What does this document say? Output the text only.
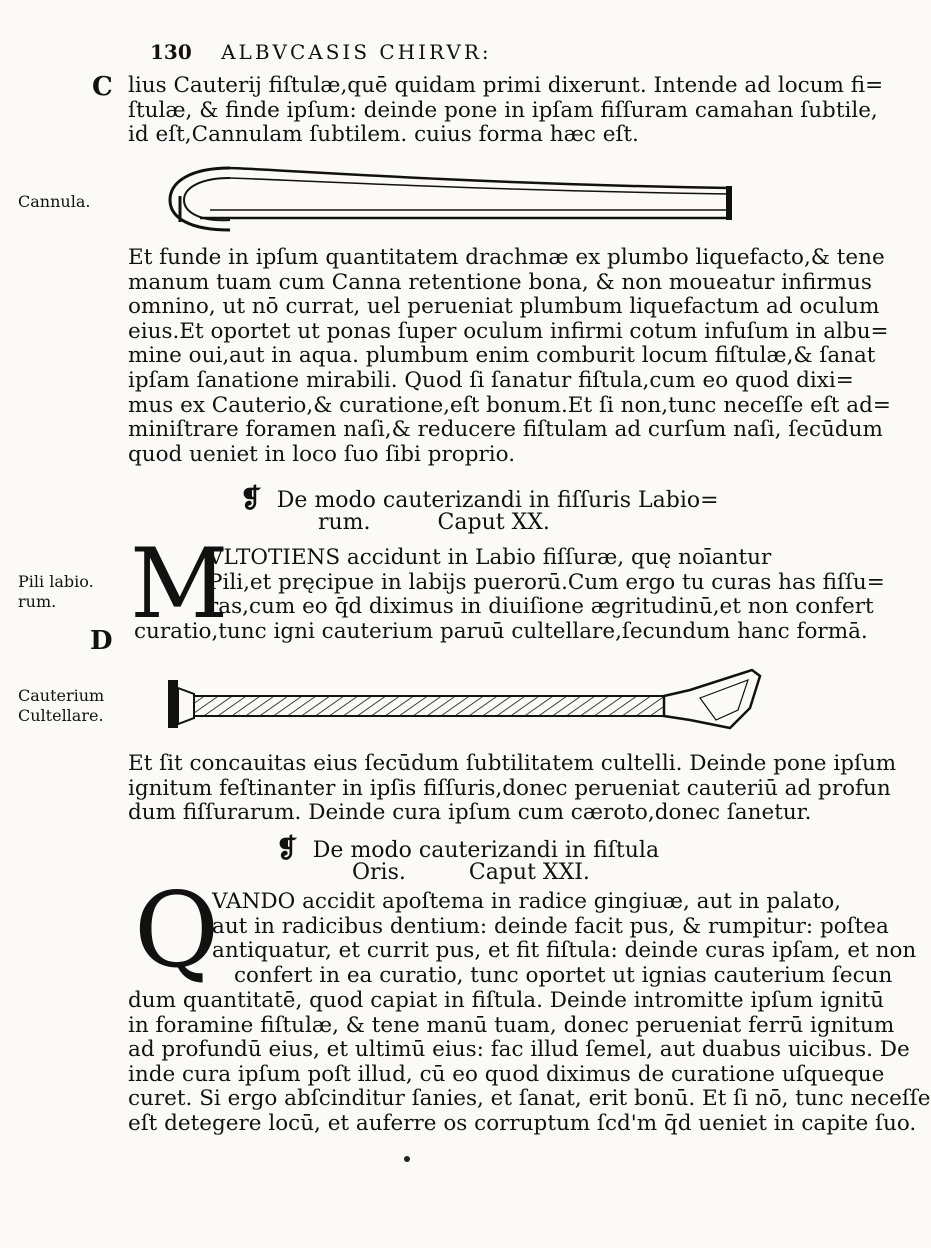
130 ALBVCASIS CHIRVR:
C lius Cauterij fiſtulæ,quē quidam primi dixerunt. Intende ad locum fi=
ſtulæ, & finde ipſum: deinde pone in ipſam fiſſuram camahan ſubtile,
id eſt,Cannulam ſubtilem. cuius forma hæc eſt.
Cannula.
Et funde in ipſum quantitatem drachmæ ex plumbo liquefacto,& tene
manum tuam cum Canna retentione bona, & non moueatur infirmus
omnino, ut nō currat, uel perueniat plumbum liquefactum ad oculum
eius.Et oportet ut ponas ſuper oculum infirmi cotum infuſum in albu=
mine oui,aut in aqua. plumbum enim comburit locum fiſtulæ,& ſanat
ipſam ſanatione mirabili. Quod ſi ſanatur fiſtula,cum eo quod dixi=
mus ex Cauterio,& curatione,eſt bonum.Et ſi non,tunc neceſſe eſt ad=
miniſtrare foramen naſi,& reducere fiſtulam ad curſum naſi, ſecūdum
quod ueniet in loco ſuo ſibi proprio.
❡ De modo cauterizandi in fiſſuris Labio=
rum.	Caput XX.
Pili labio.
rum. M
VLTOTIENS accidunt in Labio fiſſuræ, quę noīantur
Pili,et pręcipue in labijs puerorū.Cum ergo tu curas has fiſſu=
ras,cum eo q̄d diximus in diuiſione ægritudinū,et non confert
curatio,tunc igni cauterium paruū cultellare,ſecundum hanc formā.
D
Cauterium
Cultellare.
Et ſit concauitas eius ſecūdum ſubtilitatem cultelli. Deinde pone ipſum
ignitum feſtinanter in ipſis fiſſuris,donec perueniat cauteriū ad profun
dum fiſſurarum. Deinde cura ipſum cum cæroto,donec ſanetur.
❡ De modo cauterizandi in fiſtula
Oris.	Caput XXI.
Q
VANDO accidit apoſtema in radice gingiuæ, aut in palato,
aut in radicibus dentium: deinde facit pus, & rumpitur: poſtea
antiquatur, et currit pus, et fit fiſtula: deinde curas ipſam, et non
confert in ea curatio, tunc oportet ut ignias cauterium ſecun
dum quantitatē, quod capiat in fiſtula. Deinde intromitte ipſum ignitū
in foramine fiſtulæ, & tene manū tuam, donec perueniat ferrū ignitum
ad profundū eius, et ultimū eius: fac illud ſemel, aut duabus uicibus. De
inde cura ipſum poſt illud, cū eo quod diximus de curatione uſqueque
curet. Si ergo abſcinditur ſanies, et ſanat, erit bonū. Et ſi nō, tunc neceſſe
eſt detegere locū, et auferre os corruptum ſcd'm q̄d ueniet in capite ſuo.
